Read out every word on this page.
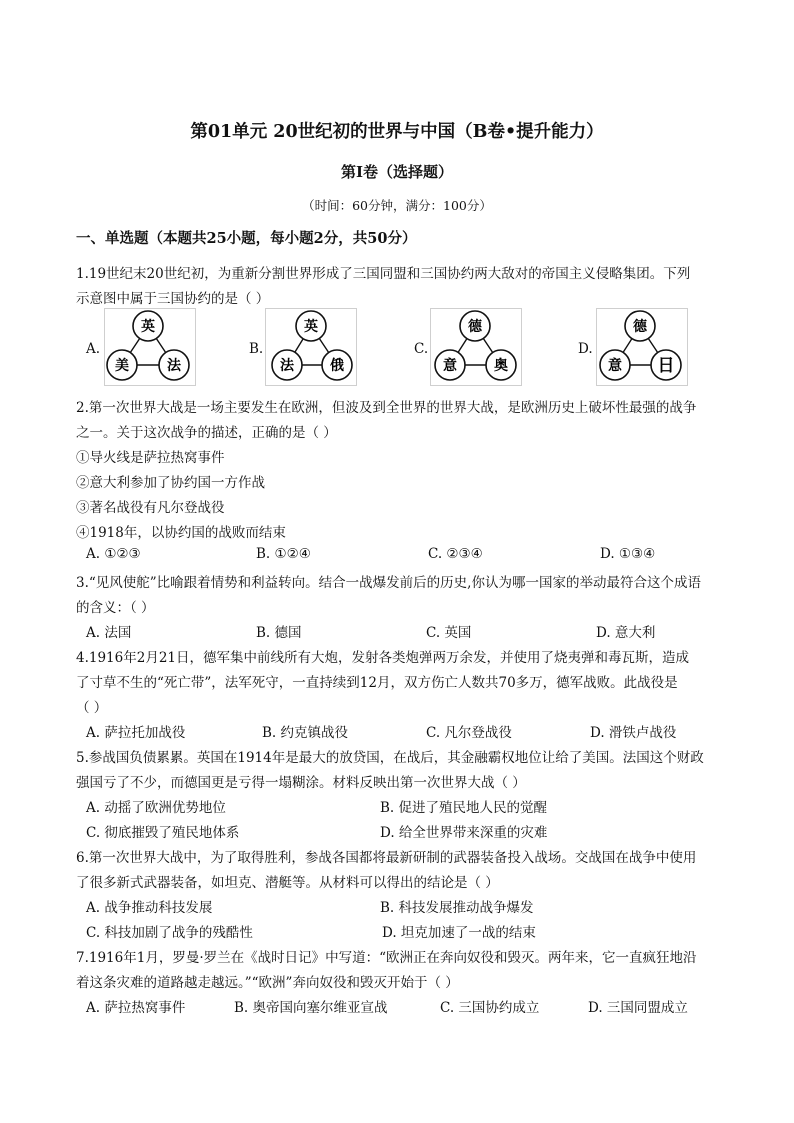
第01单元 20世纪初的世界与中国（B卷•提升能力）
第Ⅰ卷（选择题）
（时间：60分钟，满分：100分）
一、单选题（本题共25小题，每小题2分，共50分）
1.19世纪末20世纪初，为重新分割世界形成了三国同盟和三国协约两大敌对的帝国主义侵略集团。下列
示意图中属于三国协约的是（ ）
A.
英
美	法
B.
英
法	俄
C.
德
意	奥
D.
德
意 日
2.第一次世界大战是一场主要发生在欧洲，但波及到全世界的世界大战，是欧洲历史上破坏性最强的战争
之一。关于这次战争的描述，正确的是（ ）
①导火线是萨拉热窝事件
②意大利参加了协约国一方作战
③著名战役有凡尔登战役
④1918年，以协约国的战败而结束
A. ①②③	B. ①②④	C. ②③④	D. ①③④
3.“见风使舵”比喻跟着情势和利益转向。结合一战爆发前后的历史,你认为哪一国家的举动最符合这个成语
的含义：（ ）
A. 法国	B. 德国	C. 英国	D. 意大利
4.1916年2月21日，德军集中前线所有大炮，发射各类炮弹两万余发，并使用了烧夷弹和毒瓦斯，造成
了寸草不生的“死亡带”，法军死守，一直持续到12月，双方伤亡人数共70多万，德军战败。此战役是
（ ）
A. 萨拉托加战役	B. 约克镇战役	C. 凡尔登战役	D. 滑铁卢战役
5.参战国负债累累。英国在1914年是最大的放贷国，在战后，其金融霸权地位让给了美国。法国这个财政
强国亏了不少，而德国更是亏得一塌糊涂。材料反映出第一次世界大战（ ）
A. 动摇了欧洲优势地位	B. 促进了殖民地人民的觉醒
C. 彻底摧毁了殖民地体系	D. 给全世界带来深重的灾难
6.第一次世界大战中，为了取得胜利，参战各国都将最新研制的武器装备投入战场。交战国在战争中使用
了很多新式武器装备，如坦克、潜艇等。从材料可以得出的结论是（ ）
A. 战争推动科技发展	B. 科技发展推动战争爆发
C. 科技加剧了战争的残酷性	D. 坦克加速了一战的结束
7.1916年1月，罗曼·罗兰在《战时日记》中写道：“欧洲正在奔向奴役和毁灭。两年来，它一直疯狂地沿
着这条灾难的道路越走越远。”“欧洲”奔向奴役和毁灭开始于（ ）
A. 萨拉热窝事件	B. 奥帝国向塞尔维亚宣战	C. 三国协约成立	D. 三国同盟成立
